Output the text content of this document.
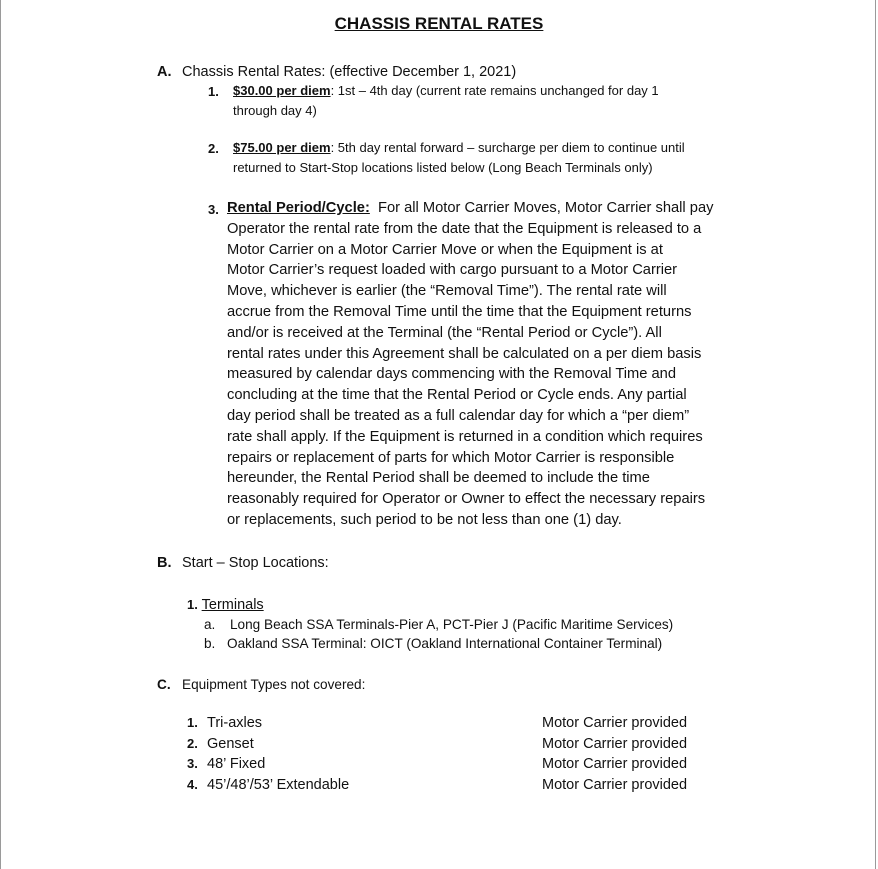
CHASSIS RENTAL RATES
A. Chassis Rental Rates: (effective December 1, 2021)
1. $30.00 per diem: 1st – 4th day (current rate remains unchanged for day 1
through day 4)
2. $75.00 per diem: 5th day rental forward – surcharge per diem to continue until
returned to Start-Stop locations listed below (Long Beach Terminals only)
3. Rental Period/Cycle: For all Motor Carrier Moves, Motor Carrier shall pay
Operator the rental rate from the date that the Equipment is released to a
Motor Carrier on a Motor Carrier Move or when the Equipment is at
Motor Carrier’s request loaded with cargo pursuant to a Motor Carrier
Move, whichever is earlier (the “Removal Time”). The rental rate will
accrue from the Removal Time until the time that the Equipment returns
and/or is received at the Terminal (the “Rental Period or Cycle”). All
rental rates under this Agreement shall be calculated on a per diem basis
measured by calendar days commencing with the Removal Time and
concluding at the time that the Rental Period or Cycle ends. Any partial
day period shall be treated as a full calendar day for which a “per diem”
rate shall apply. If the Equipment is returned in a condition which requires
repairs or replacement of parts for which Motor Carrier is responsible
hereunder, the Rental Period shall be deemed to include the time
reasonably required for Operator or Owner to effect the necessary repairs
or replacements, such period to be not less than one (1) day.
B. Start – Stop Locations:
1. Terminals
a. Long Beach SSA Terminals-Pier A, PCT-Pier J (Pacific Maritime Services)
b. Oakland SSA Terminal: OICT (Oakland International Container Terminal)
C. Equipment Types not covered:
1. Tri-axles	Motor Carrier provided
2. Genset	Motor Carrier provided
3. 48’ Fixed	Motor Carrier provided
4. 45’/48’/53’ Extendable	Motor Carrier provided
